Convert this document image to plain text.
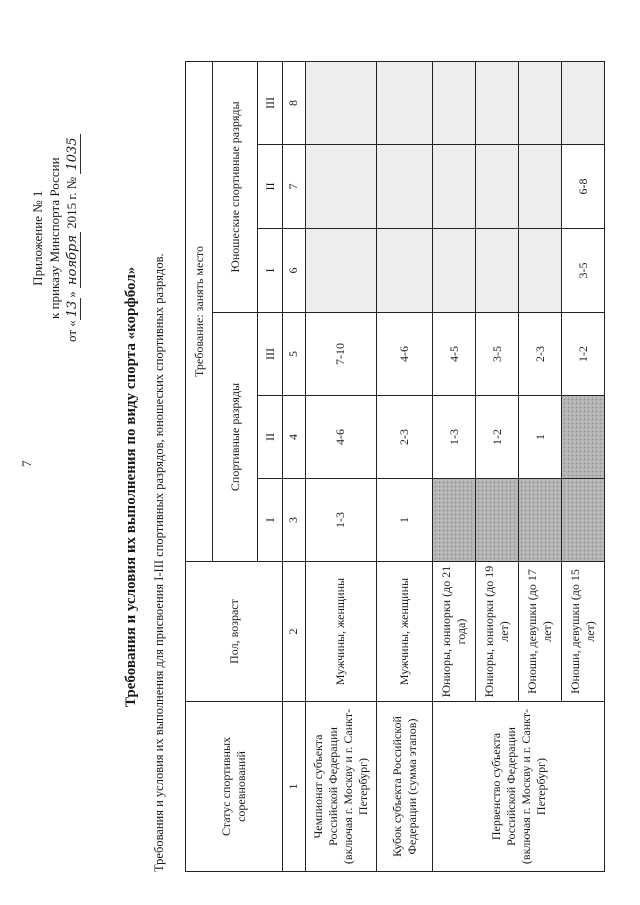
7
Приложение № 1 к приказу Минспорта России
от «13» ноября 2015 г. № 1035
Требования и условия их выполнения по виду спорта «корфбол» Требования и условия их выполнения для присвоения I-III спортивных разрядов, юношеских спортивных разрядов.	Статус спортивных соревнований	Пол, возраст	Требование: занять место					
		Спортивные разряды			Юношеские спортивные разряды		
		I	II	III	I	II	III
1	2	3	4	5	6	7	8
Чемпионат субъекта Российской Федерации (включая г. Москву и г. Санкт-Петербург)	Мужчины, женщины	1-3	4-6	7-10			
Кубок субъекта Российской Федерации (сумма этапов)	Мужчины, женщины	1	2-3	4-6			
Первенство субъекта Российской Федерации (включая г. Москву и г. Санкт-Петербург)	Юниоры, юниорки (до 21 года)		1-3	4-5			
	Юниоры, юниорки (до 19 лет)		1-2	3-5			
	Юноши, девушки (до 17 лет)		1	2-3			
	Юноши, девушки (до 15 лет)			1-2	3-5	6-8	
